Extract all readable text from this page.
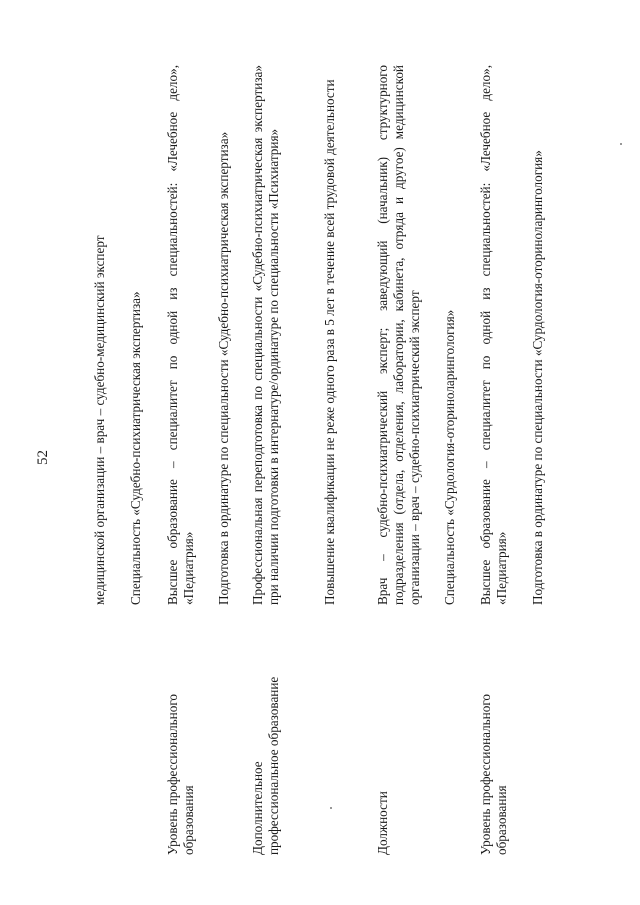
52	медицинской организации – врач – судебно-медицинский эксперт Специальность «Судебно-психиатрическая экспертиза»
Уровень профессионального образования
Высшее образование – специалитет по одной из специальностей: «Лечебное дело», «Педиатрия» Подготовка в ординатуре по специальности «Судебно-психиатрическая экспертиза»
Дополнительное профессиональное образование
Профессиональная переподготовка по специальности «Судебно-психиатрическая экспертиза» при наличии подготовки в интернатуре/ординатуре по специальности «Психиатрия»	Повышение квалификации не реже одного раза в 5 лет в течение всей трудовой деятельности
Должности
Врач – судебно-психиатрический эксперт; заведующий (начальник) структурного подразделения (отдела, отделения, лаборатории, кабинета, отряда и другое) медицинской организации – врач – судебно-психиатрический эксперт Специальность «Сурдология-оториноларингология»
Уровень профессионального образования
Высшее образование – специалитет по одной из специальностей: «Лечебное дело», «Педиатрия» Подготовка в ординатуре по специальности «Сурдология-оториноларингология»
